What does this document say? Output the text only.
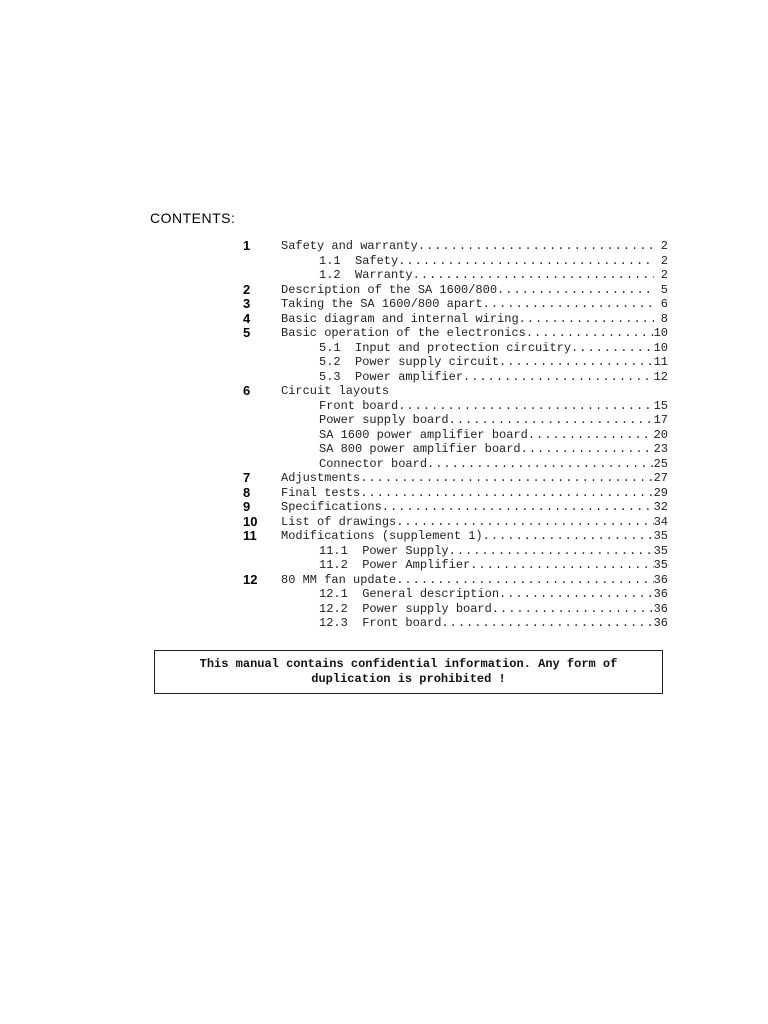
CONTENTS:
1	Safety and warranty .....	2
1.1  Safety .....	2
1.2  Warranty .....	2
2	Description of the SA 1600/800 .....	5
3	Taking the SA 1600/800 apart .....	6
4	Basic diagram and internal wiring .....	8
5	Basic operation of the electronics .....	10
5.1  Input and protection circuitry .....	10
5.2  Power supply circuit .....	11
5.3  Power amplifier .....	12
6	Circuit layouts
Front board .....	15
Power supply board .....	17
SA 1600 power amplifier board .....	20
SA 800 power amplifier board .....	23
Connector board .....	25
7	Adjustments .....	27
8	Final tests .....	29
9	Specifications .....	32
10 List of drawings .....	34
11 Modifications (supplement 1) .....	35
11.1  Power Supply .....	35
11.2  Power Amplifier .....	35
12 80 MM fan update .....	36
12.1  General description .....	36
12.2  Power supply board .....	36
12.3  Front board .....	36
This manual contains confidential information. Any form of
duplication is prohibited !
